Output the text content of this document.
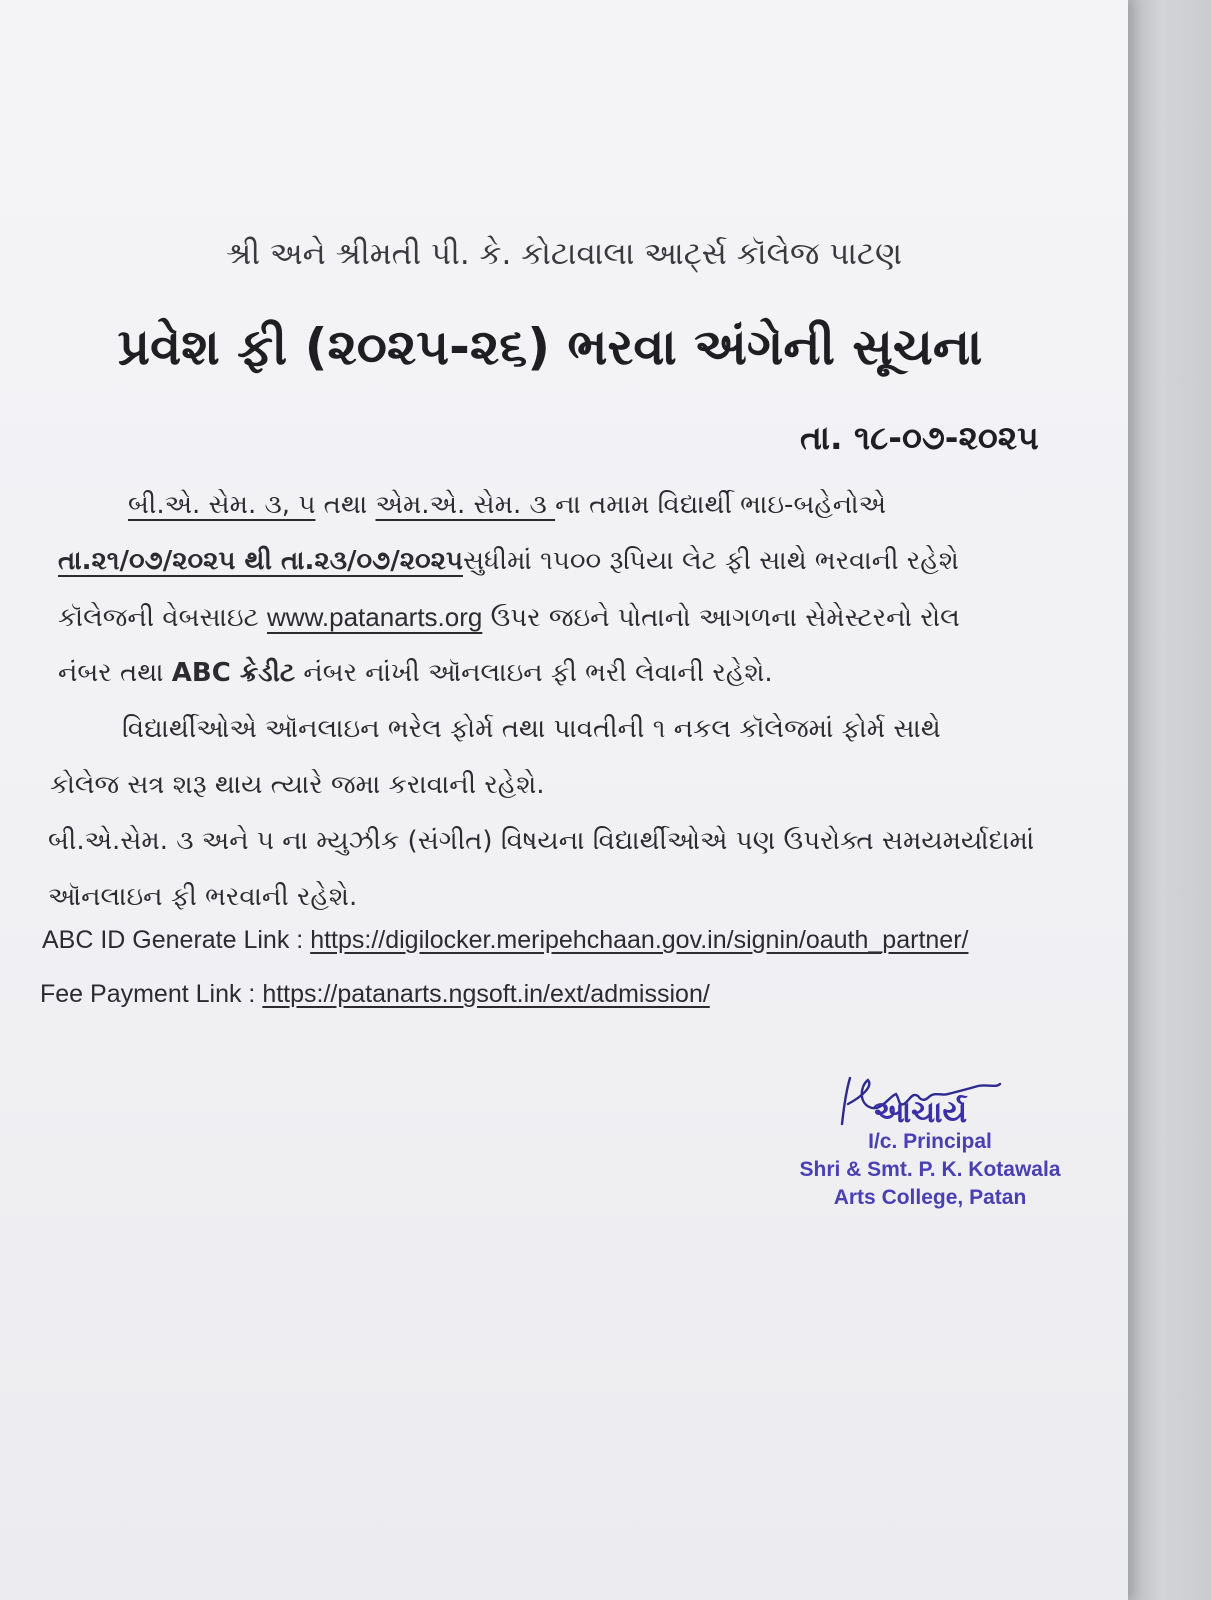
શ્રી અને શ્રીમતી પી. કે. કોટાવાલા આર્ટ્સ કૉલેજ પાટણ
પ્રવેશ ફી (૨૦૨૫-૨૬) ભરવા અંગેની સૂચના
તા. ૧૮-૦૭-૨૦૨૫
બી.એ. સેમ. ૩, ૫ તથા એમ.એ. સેમ. ૩ ના તમામ વિદ્યાર્થી ભાઇ-બહેનોએ
તા.૨૧/૦૭/૨૦૨૫ થી તા.૨૩/૦૭/૨૦૨૫સુધીમાં ૧૫૦૦ રૂપિયા લેટ ફી સાથે ભરવાની રહેશે
કૉલેજની વેબસાઇટ www.patanarts.org ઉપર જઇને પોતાનો આગળના સેમેસ્ટરનો રોલ
નંબર તથા ABC ક્રેડીટ નંબર નાંખી ઑનલાઇન ફી ભરી લેવાની રહેશે.
વિદ્યાર્થીઓએ ઑનલાઇન ભરેલ ફોર્મ તથા પાવતીની ૧ નકલ કૉલેજમાં ફોર્મ સાથે
કોલેજ સત્ર શરૂ થાય ત્યારે જમા કરાવાની રહેશે.
બી.એ.સેમ. ૩ અને ૫ ના મ્યુઝીક (સંગીત) વિષયના વિદ્યાર્થીઓએ પણ ઉપરોક્ત સમયમર્યાદામાં
ઑનલાઇન ફી ભરવાની રહેશે.
ABC ID Generate Link : https://digilocker.meripehchaan.gov.in/signin/oauth_partner/
Fee Payment Link : https://patanarts.ngsoft.in/ext/admission/
આચાર્ય
I/c. Principal
Shri & Smt. P. K. Kotawala
Arts College, Patan
